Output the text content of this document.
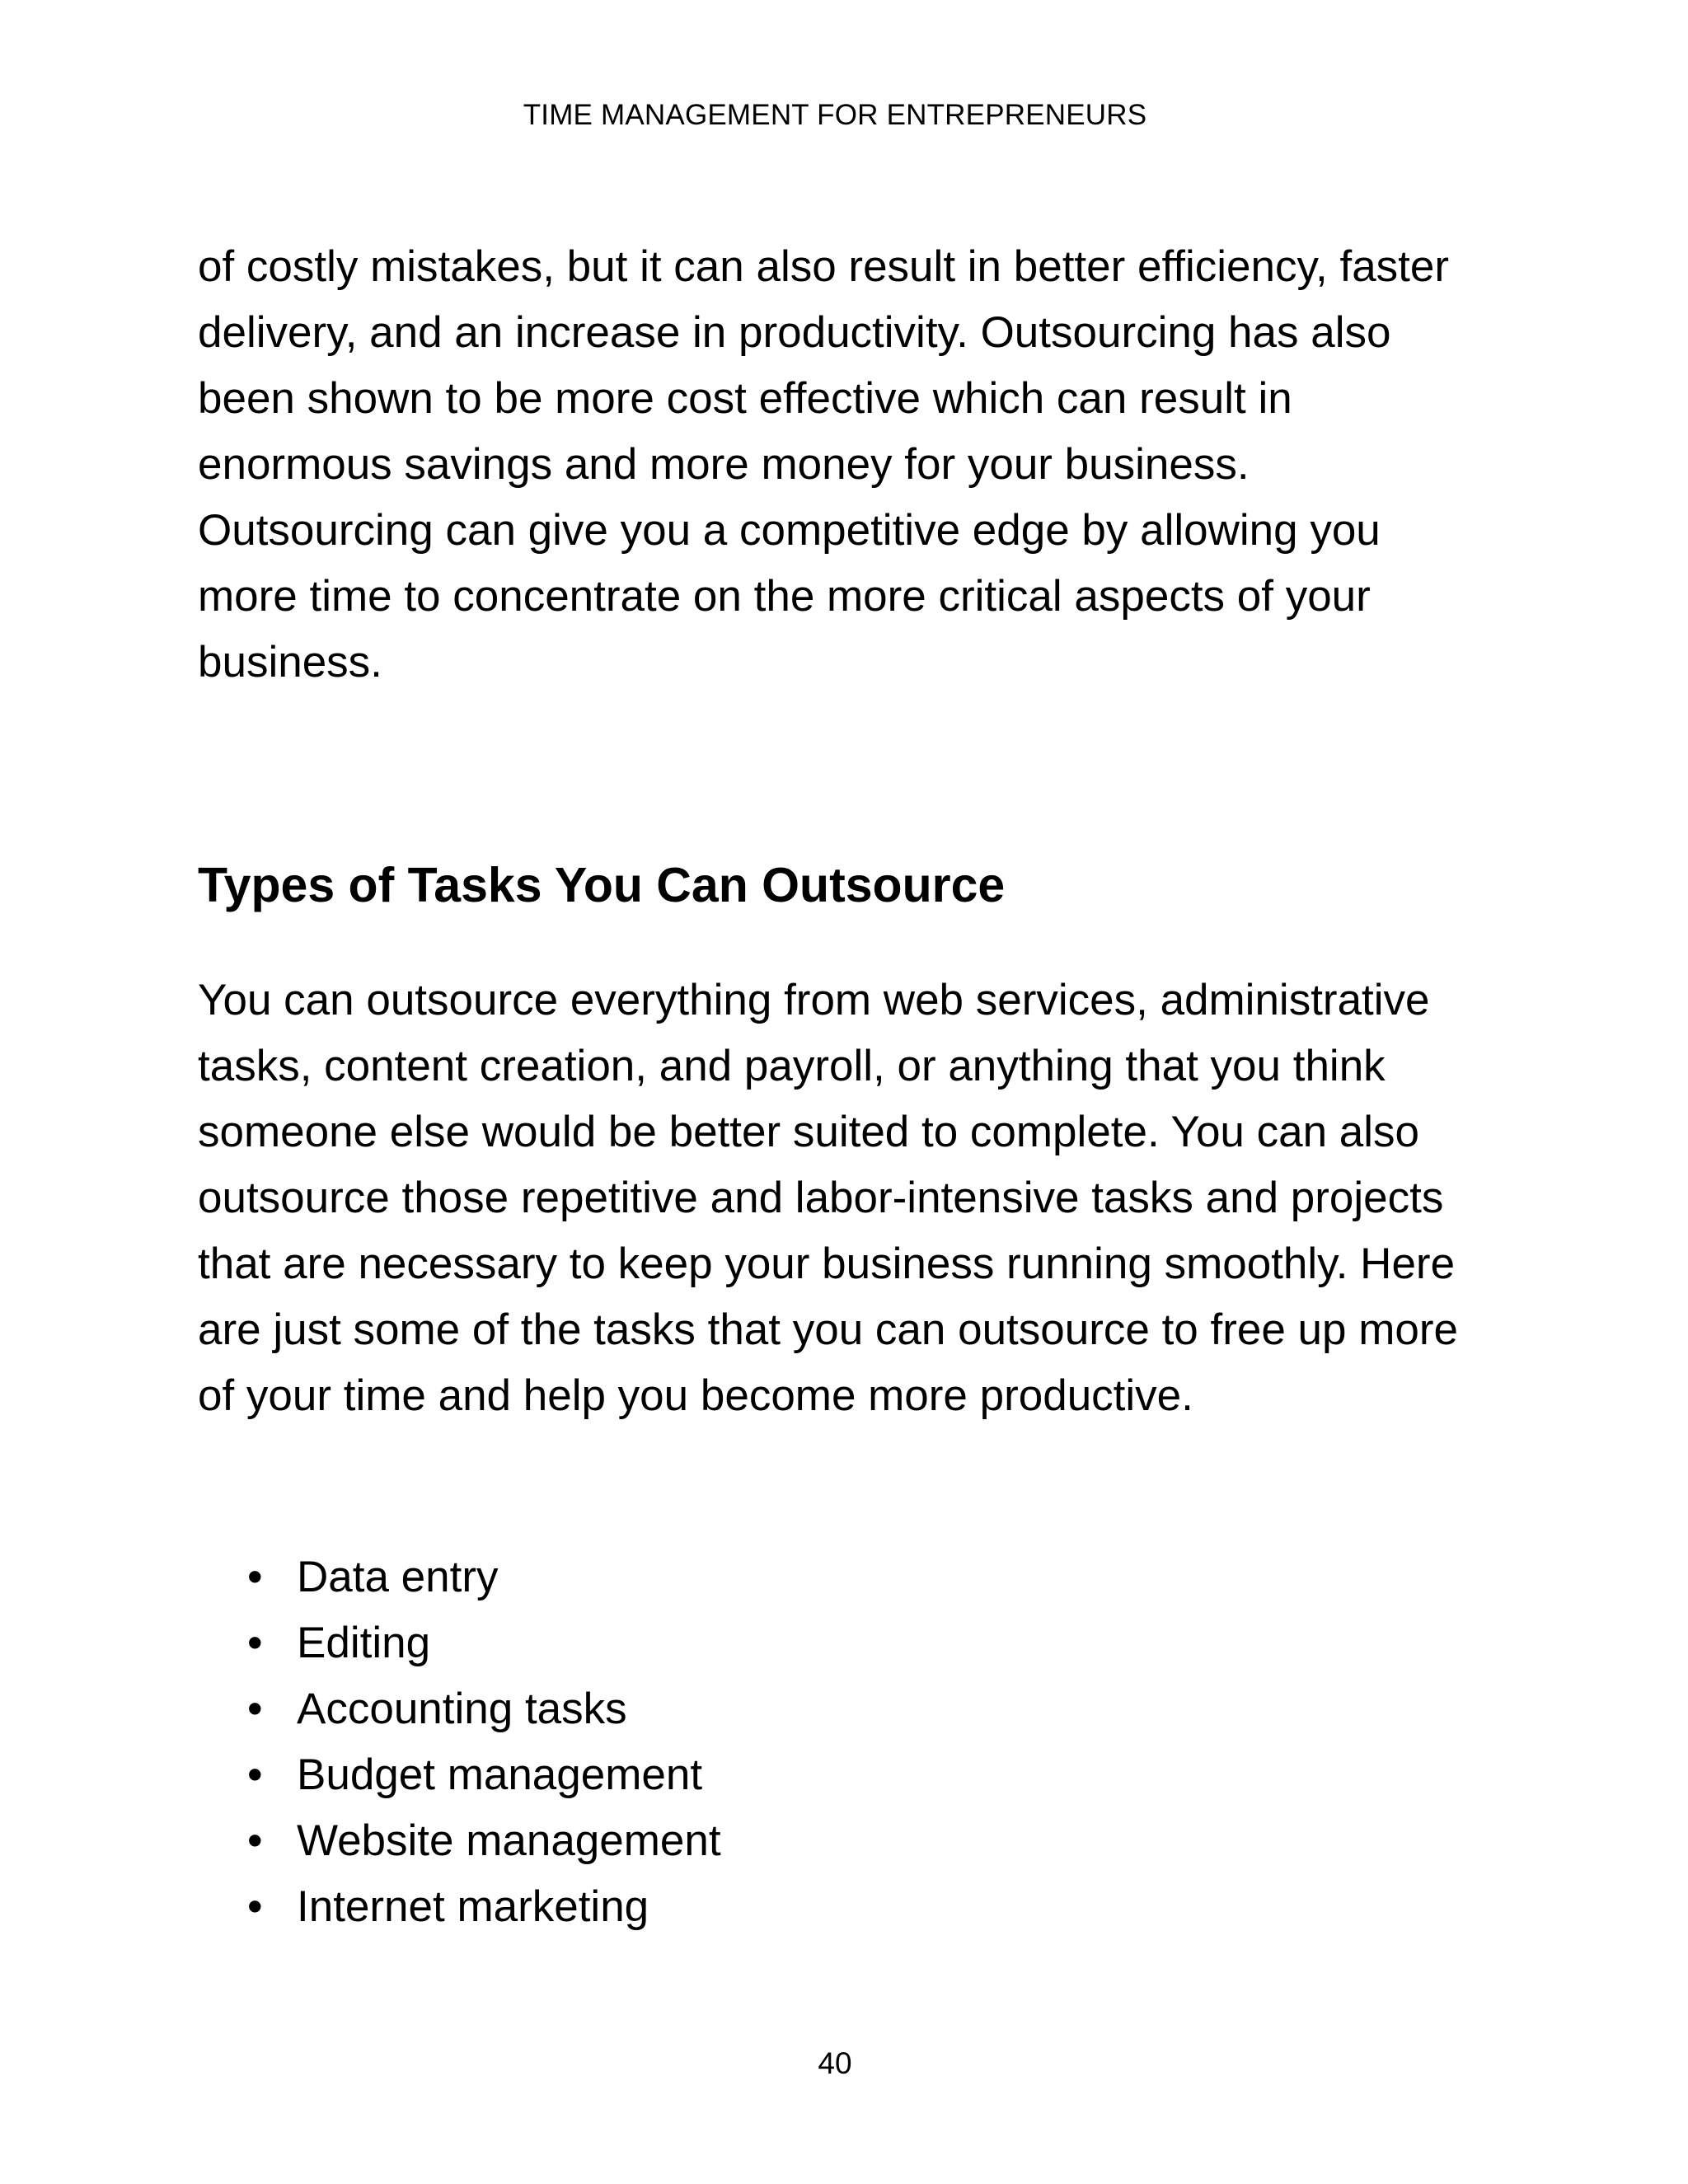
TIME MANAGEMENT FOR ENTREPRENEURS

of costly mistakes, but it can also result in better efficiency, faster
delivery, and an increase in productivity. Outsourcing has also
been shown to be more cost effective which can result in
enormous savings and more money for your business.
Outsourcing can give you a competitive edge by allowing you
more time to concentrate on the more critical aspects of your
business.

Types of Tasks You Can Outsource

You can outsource everything from web services, administrative
tasks, content creation, and payroll, or anything that you think
someone else would be better suited to complete. You can also
outsource those repetitive and labor-intensive tasks and projects
that are necessary to keep your business running smoothly. Here
are just some of the tasks that you can outsource to free up more
of your time and help you become more productive.

• Data entry
• Editing
• Accounting tasks
• Budget management
• Website management
• Internet marketing
40
